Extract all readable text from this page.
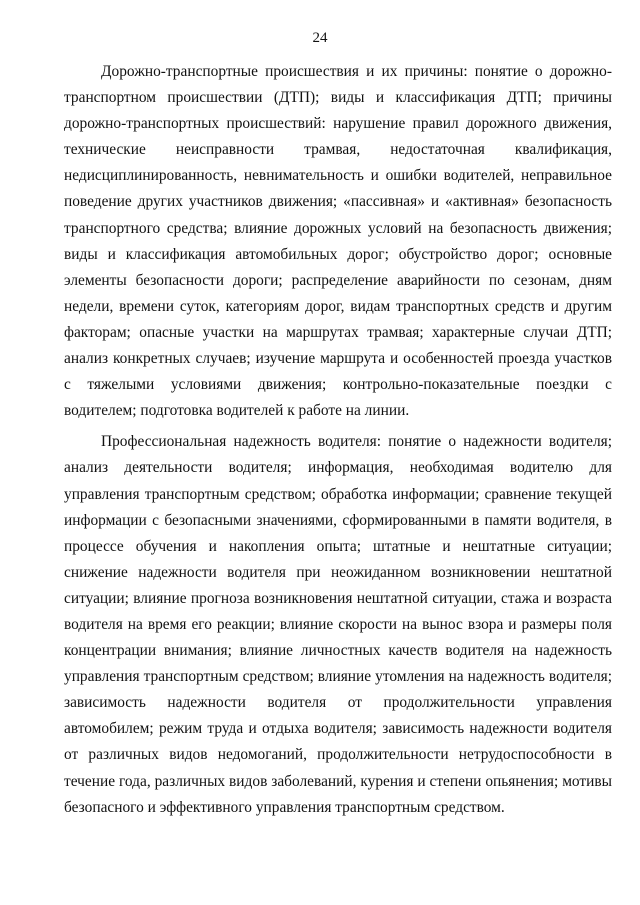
24

Дорожно-транспортные происшествия и их причины: понятие о дорожно-транспортном происшествии (ДТП); виды и классификация ДТП; причины дорожно-транспортных происшествий: нарушение правил дорожного движения, технические неисправности трамвая, недостаточная квалификация, недисциплинированность, невнимательность и ошибки водителей, неправильное поведение других участников движения; «пассивная» и «активная» безопасность транспортного средства; влияние дорожных условий на безопасность движения; виды и классификация автомобильных дорог; обустройство дорог; основные элементы безопасности дороги; распределение аварийности по сезонам, дням недели, времени суток, категориям дорог, видам транспортных средств и другим факторам; опасные участки на маршрутах трамвая; характерные случаи ДТП; анализ конкретных случаев; изучение маршрута и особенностей проезда участков с тяжелыми условиями движения; контрольно-показательные поездки с водителем; подготовка водителей к работе на линии.

Профессиональная надежность водителя: понятие о надежности водителя; анализ деятельности водителя; информация, необходимая водителю для управления транспортным средством; обработка информации; сравнение текущей информации с безопасными значениями, сформированными в памяти водителя, в процессе обучения и накопления опыта; штатные и нештатные ситуации; снижение надежности водителя при неожиданном возникновении нештатной ситуации; влияние прогноза возникновения нештатной ситуации, стажа и возраста водителя на время его реакции; влияние скорости на вынос взора и размеры поля концентрации внимания; влияние личностных качеств водителя на надежность управления транспортным средством; влияние утомления на надежность водителя; зависимость надежности водителя от продолжительности управления автомобилем; режим труда и отдыха водителя; зависимость надежности водителя от различных видов недомоганий, продолжительности нетрудоспособности в течение года, различных видов заболеваний, курения и степени опьянения; мотивы безопасного и эффективного управления транспортным средством.
